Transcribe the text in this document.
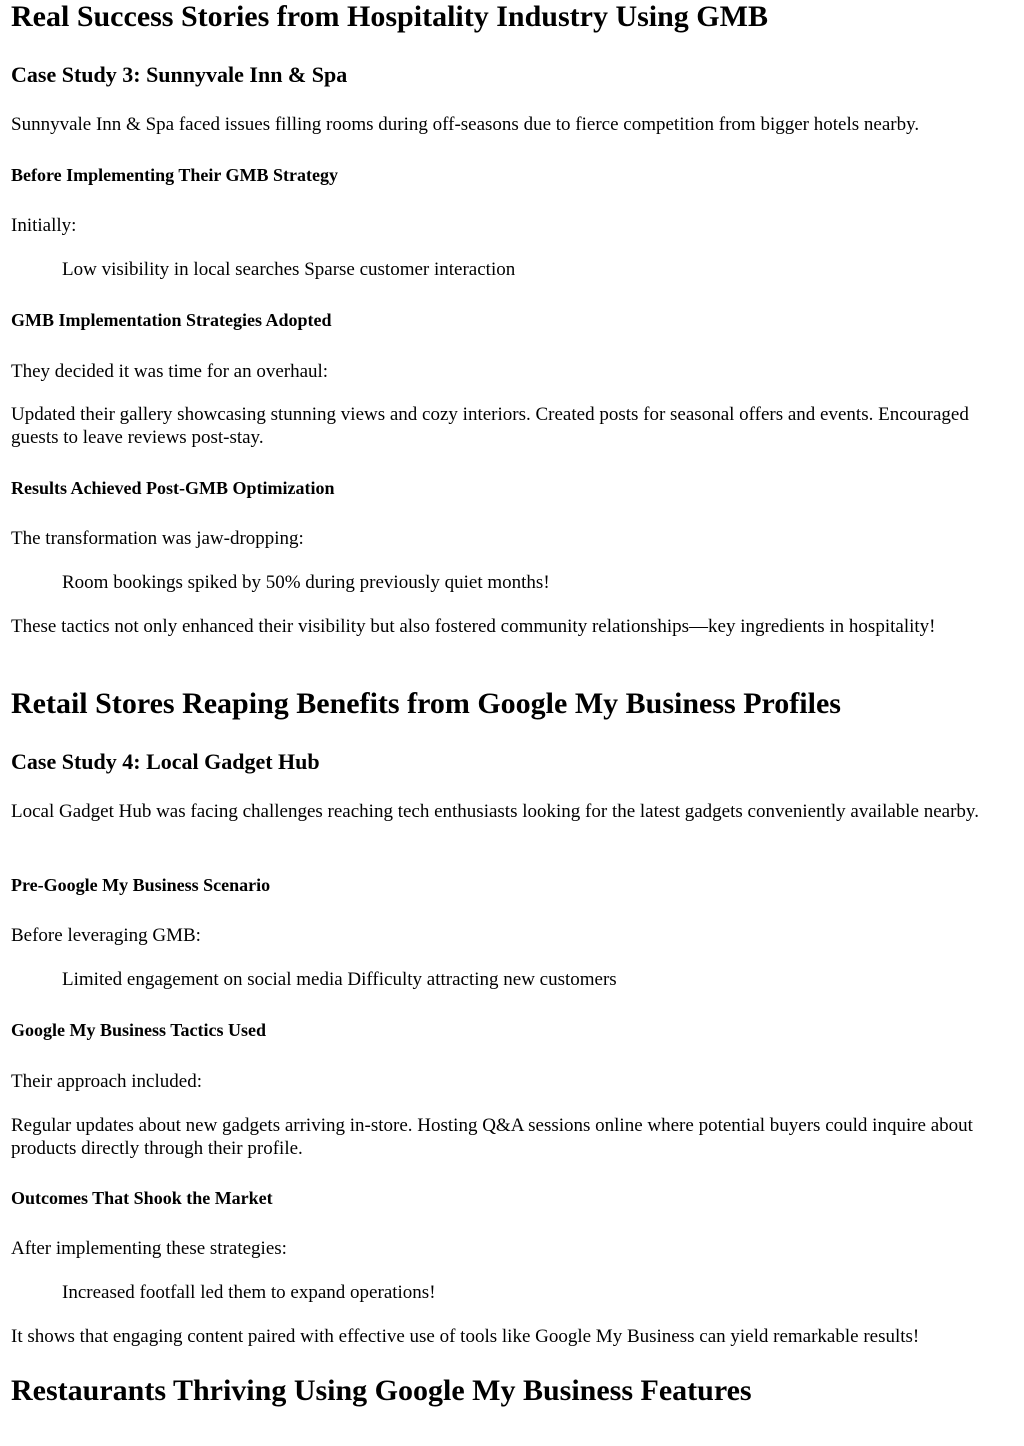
Real Success Stories from Hospitality Industry Using GMB
Case Study 3: Sunnyvale Inn & Spa

Sunnyvale Inn & Spa faced issues filling rooms during off-seasons due to fierce competition from bigger hotels nearby.

Before Implementing Their GMB Strategy

Initially:

Low visibility in local searches Sparse customer interaction

GMB Implementation Strategies Adopted

They decided it was time for an overhaul:

Updated their gallery showcasing stunning views and cozy interiors. Created posts for seasonal offers and events. Encouraged guests to leave reviews post-stay.

Results Achieved Post-GMB Optimization

The transformation was jaw-dropping:

Room bookings spiked by 50% during previously quiet months!

These tactics not only enhanced their visibility but also fostered community relationships—key ingredients in hospitality!

Retail Stores Reaping Benefits from Google My Business Profiles
Case Study 4: Local Gadget Hub

Local Gadget Hub was facing challenges reaching tech enthusiasts looking for the latest gadgets conveniently available nearby.

Pre-Google My Business Scenario

Before leveraging GMB:

Limited engagement on social media Difficulty attracting new customers

Google My Business Tactics Used

Their approach included:

Regular updates about new gadgets arriving in-store. Hosting Q&A sessions online where potential buyers could inquire about products directly through their profile.

Outcomes That Shook the Market

After implementing these strategies:

Increased footfall led them to expand operations!

It shows that engaging content paired with effective use of tools like Google My Business can yield remarkable results!

Restaurants Thriving Using Google My Business Features
